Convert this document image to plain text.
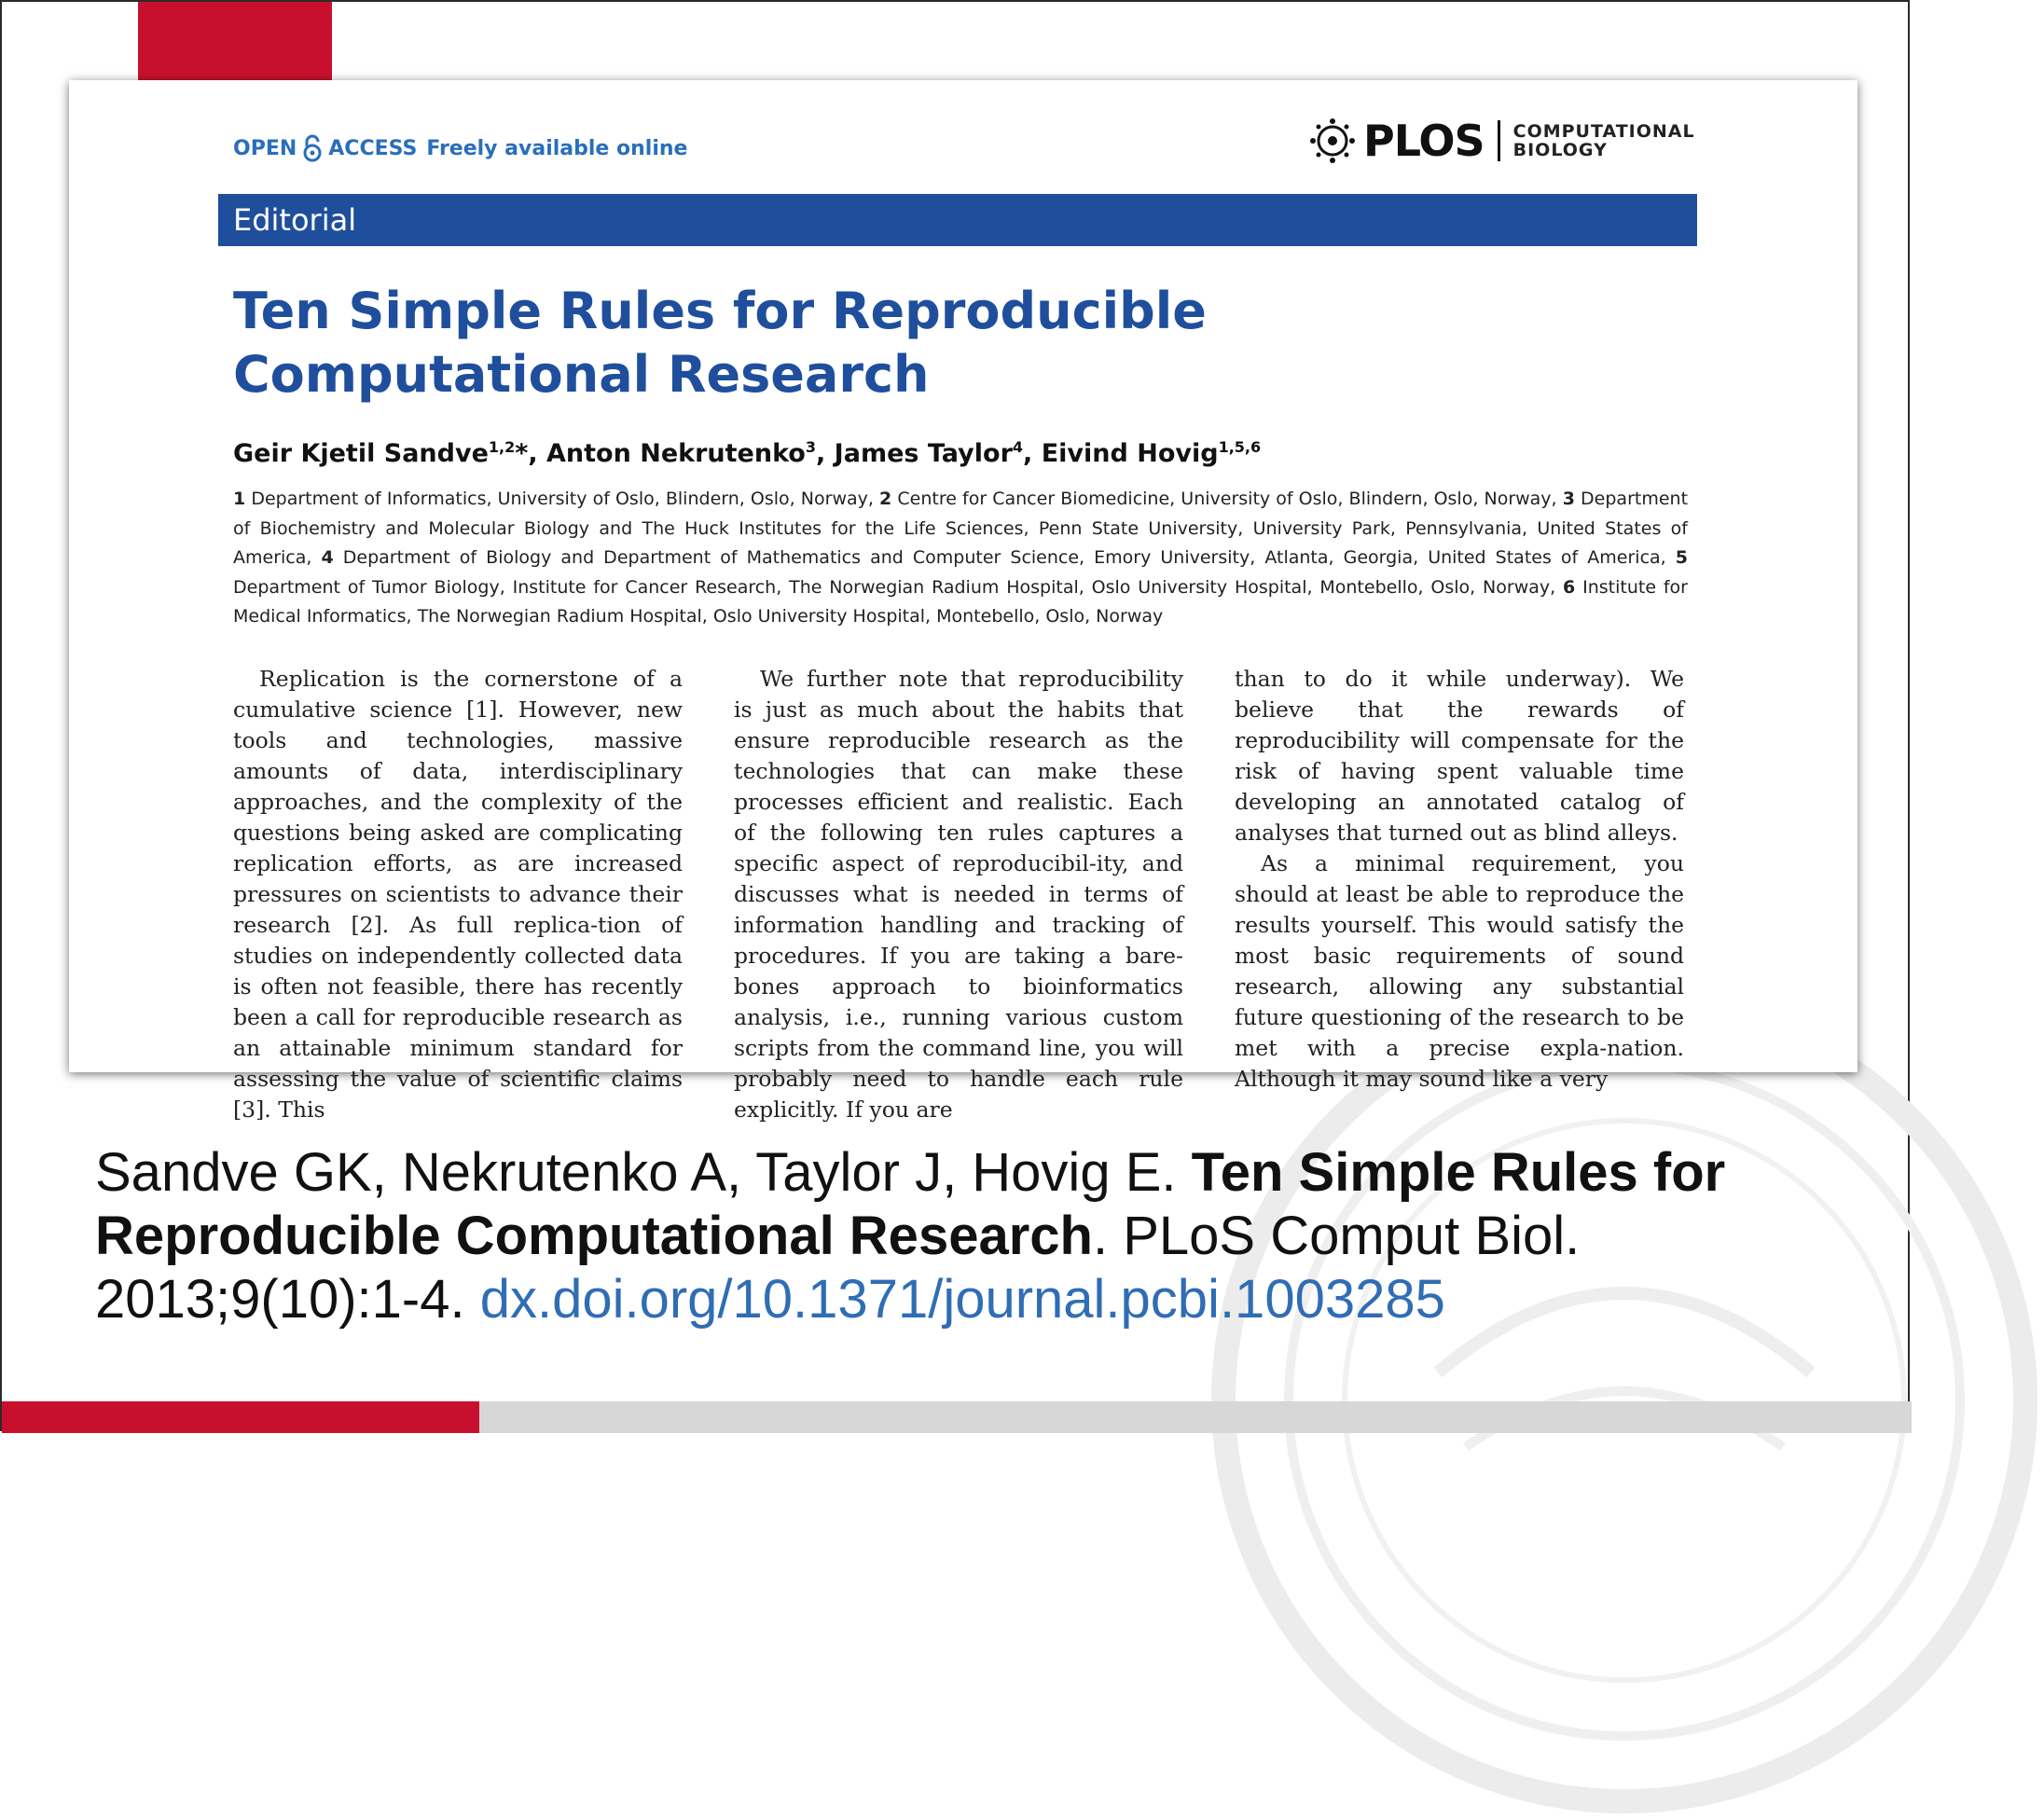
OPEN ACCESS Freely available online	PLOS COMPUTATIONAL
BIOLOGY
Editorial
Ten Simple Rules for Reproducible Computational Research
Geir Kjetil Sandve$^{1,2}$*, Anton Nekrutenko$^3$, James Taylor$^4$, Eivind Hovig$^{1,5,6}$

1 Department of Informatics, University of Oslo, Blindern, Oslo, Norway, 2 Centre for Cancer Biomedicine, University of Oslo, Blindern, Oslo, Norway, 3 Department of Biochemistry and Molecular Biology and The Huck Institutes for the Life Sciences, Penn State University, University Park, Pennsylvania, United States of America, 4 Department of Biology and Department of Mathematics and Computer Science, Emory University, Atlanta, Georgia, United States of America, 5 Department of Tumor Biology, Institute for Cancer Research, The Norwegian Radium Hospital, Oslo University Hospital, Montebello, Oslo, Norway, 6 Institute for Medical Informatics, The Norwegian Radium Hospital, Oslo University Hospital, Montebello, Oslo, Norway

Replication is the cornerstone of a cumulative science [1]. However, new tools and technologies, massive amounts of data, interdisciplinary approaches, and the complexity of the questions being asked are complicating replication efforts, as are increased pressures on scientists to advance their research [2]. As full replica-tion of studies on independently collected data is often not feasible, there has recently been a call for reproducible research as an attainable minimum standard for assessing the value of scientific claims [3]. This

We further note that reproducibility is just as much about the habits that ensure reproducible research as the technologies that can make these processes efficient and realistic. Each of the following ten rules captures a specific aspect of reproducibil-ity, and discusses what is needed in terms of information handling and tracking of procedures. If you are taking a bare-bones approach to bioinformatics analysis, i.e., running various custom scripts from the command line, you will probably need to handle each rule explicitly. If you are

than to do it while underway). We believe that the rewards of reproducibility will compensate for the risk of having spent valuable time developing an annotated catalog of analyses that turned out as blind alleys.

As a minimal requirement, you should at least be able to reproduce the results yourself. This would satisfy the most basic requirements of sound research, allowing any substantial future questioning of the research to be met with a precise expla-nation. Although it may sound like a very

Sandve GK, Nekrutenko A, Taylor J, Hovig E. Ten Simple Rules for Reproducible Computational Research. PLoS Comput Biol. 2013;9(10):1-4. dx.doi.org/10.1371/journal.pcbi.1003285
